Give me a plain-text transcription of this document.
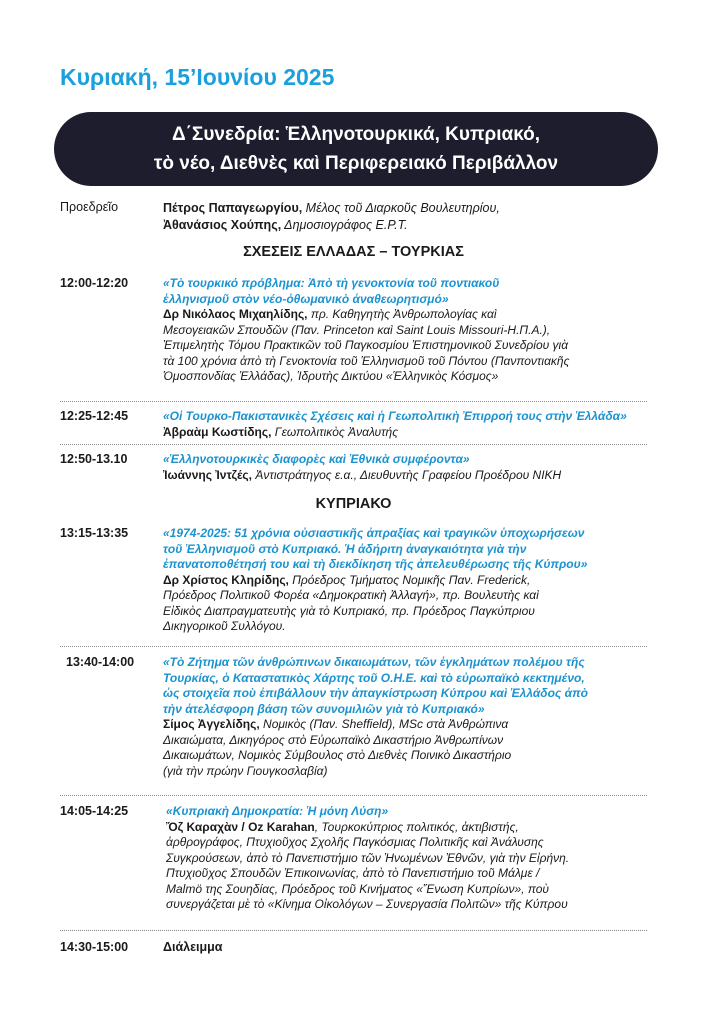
Κυριακή, 15’Ιουνίου 2025
Δ΄Συνεδρία: Ἑλληνοτουρκικά, Κυπριακό,
τὸ νέο, Διεθνὲς καὶ Περιφερειακό Περιβάλλον
Προεδρεῖο	Πέτρος Παπαγεωργίου, Μέλος τοῦ Διαρκοῦς Βουλευτηρίου,
Ἀθανάσιος Χούπης, Δημοσιογράφος Ε.Ρ.Τ.
ΣΧΕΣΕΙΣ ΕΛΛΑΔΑΣ – ΤΟΥΡΚΙΑΣ
12:00-12:20	«Τὸ τουρκικό πρόβλημα: Ἀπὸ τὴ γενοκτονία τοῦ ποντιακοῦ
ἑλληνισμοῦ στὸν νέο-ὀθωμανικὸ ἀναθεωρητισμό»
Δρ Νικόλαος Μιχαηλίδης, πρ. Καθηγητὴς Ἀνθρωπολογίας καὶ
Μεσογειακῶν Σπουδῶν (Παν. Princeton καὶ Saint Louis Missouri-Η.Π.Α.),
Ἐπιμελητὴς Τόμου Πρακτικῶν τοῦ Παγκοσμίου Ἐπιστημονικοῦ Συνεδρίου γιὰ
τὰ 100 χρόνια ἀπὸ τὴ Γενοκτονία τοῦ Ἑλληνισμοῦ τοῦ Πόντου (Πανποντιακῆς
Ὁμοσπονδίας Ἑλλάδας), Ἱδρυτὴς Δικτύου «Ἑλληνικὸς Κόσμος»
12:25-12:45	«Οἱ Τουρκο-Πακιστανικὲς Σχέσεις καὶ ἡ Γεωπολιτικὴ Ἐπιρροή τους στὴν Ἑλλάδα»
Ἀβραὰμ Κωστίδης, Γεωπολιτικὸς Ἀναλυτής
12:50-13.10	«Ἑλληνοτουρκικὲς διαφορὲς καὶ Ἐθνικὰ συμφέροντα»
Ἰωάννης Ἰντζές, Ἀντιστράτηγος ε.α., Διευθυντὴς Γραφείου Προέδρου ΝΙΚΗ
ΚΥΠΡΙΑΚΟ
13:15-13:35	«1974-2025: 51 χρόνια οὐσιαστικῆς ἀπραξίας καὶ τραγικῶν ὑποχωρήσεων
τοῦ Ἑλληνισμοῦ στὸ Κυπριακό. Ἡ ἀδήριτη ἀναγκαιότητα γιὰ τὴν
ἐπανατοποθέτησή του καὶ τὴ διεκδίκηση τῆς ἀπελευθέρωσης τῆς Κύπρου»
Δρ Χρίστος Κληρίδης, Πρόεδρος Τμήματος Νομικῆς Παν. Frederick,
Πρόεδρος Πολιτικοῦ Φορέα «Δημοκρατικὴ Ἀλλαγή», πρ. Βουλευτὴς καὶ
Εἰδικὸς Διαπραγματευτὴς γιὰ τὸ Κυπριακό, πρ. Πρόεδρος Παγκύπριου
Δικηγορικοῦ Συλλόγου.
13:40-14:00 «Τὸ Ζήτημα τῶν ἀνθρώπινων δικαιωμάτων, τῶν ἐγκλημάτων πολέμου τῆς
Τουρκίας, ὁ Καταστατικὸς Χάρτης τοῦ Ο.Η.Ε. καὶ τὸ εὐρωπαϊκὸ κεκτημένο,
ὡς στοιχεῖα ποὺ ἐπιβάλλουν τὴν ἀπαγκίστρωση Κύπρου καὶ Ἑλλάδος ἀπὸ
τὴν ἀτελέσφορη βάση τῶν συνομιλιῶν γιὰ τὸ Κυπριακό»
Σίμος Ἀγγελίδης, Νομικὸς (Παν. Sheffield), MSc στὰ Ἀνθρώπινα
Δικαιώματα, Δικηγόρος στὸ Εὐρωπαϊκὸ Δικαστήριο Ἀνθρωπίνων
Δικαιωμάτων, Νομικὸς Σύμβουλος στὸ Διεθνὲς Ποινικὸ Δικαστήριο
(γιὰ τὴν πρώην Γιουγκοσλαβία)
14:05-14:25	«Κυπριακὴ Δημοκρατία: Ἡ μόνη Λύση»
Ὄζ Καραχὰν / Oz Karahan, Τουρκοκύπριος πολιτικός, ἀκτιβιστής,
ἀρθρογράφος, Πτυχιοῦχος Σχολῆς Παγκόσμιας Πολιτικῆς καὶ Ἀνάλυσης
Συγκρούσεων, ἀπὸ τὸ Πανεπιστήμιο τῶν Ἡνωμένων Ἐθνῶν, γιὰ τὴν Εἰρήνη.
Πτυχιοῦχος Σπουδῶν Ἐπικοινωνίας, ἀπὸ τὸ Πανεπιστήμιο τοῦ Μάλμε /
Malmö της Σουηδίας, Πρόεδρος τοῦ Κινήματος «Ἕνωση Κυπρίων», ποὺ
συνεργάζεται μὲ τὸ «Κίνημα Οἰκολόγων – Συνεργασία Πολιτῶν» τῆς Κύπρου
14:30-15:00	Διάλειμμα
